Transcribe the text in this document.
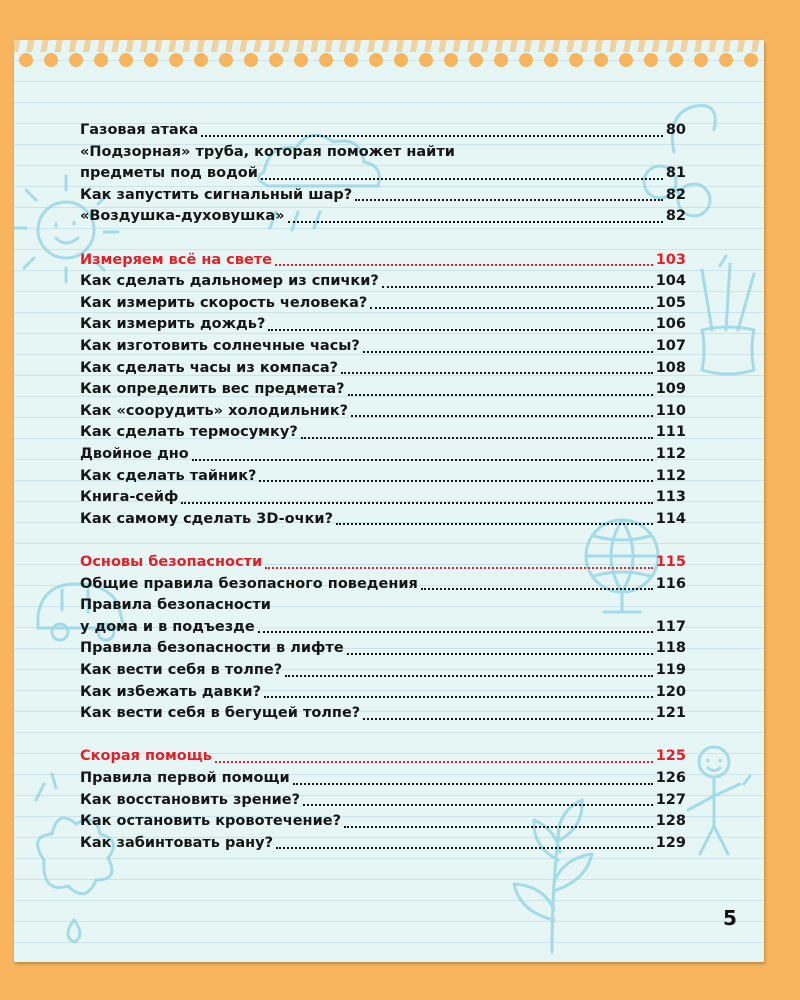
Газовая атака	80
«Подзорная» труба, которая поможет найти
предметы под водой	81
Как запустить сигнальный шар?	82
«Воздушка-духовушка»	82
Измеряем всё на свете	103
Как сделать дальномер из спички?	104
Как измерить скорость человека?	105
Как измерить дождь?	106
Как изготовить солнечные часы?	107
Как сделать часы из компаса?	108
Как определить вес предмета?	109
Как «соорудить» холодильник?	110
Как сделать термосумку?	111
Двойное дно	112
Как сделать тайник?	112
Книга-сейф	113
Как самому сделать 3D-очки?	114
Основы безопасности	115
Общие правила безопасного поведения	116
Правила безопасности
у дома и в подъезде	117
Правила безопасности в лифте	118
Как вести себя в толпе?	119
Как избежать давки?	120
Как вести себя в бегущей толпе?	121
Скорая помощь	125
Правила первой помощи	126
Как восстановить зрение?	127
Как остановить кровотечение?	128
Как забинтовать рану?	129
5
